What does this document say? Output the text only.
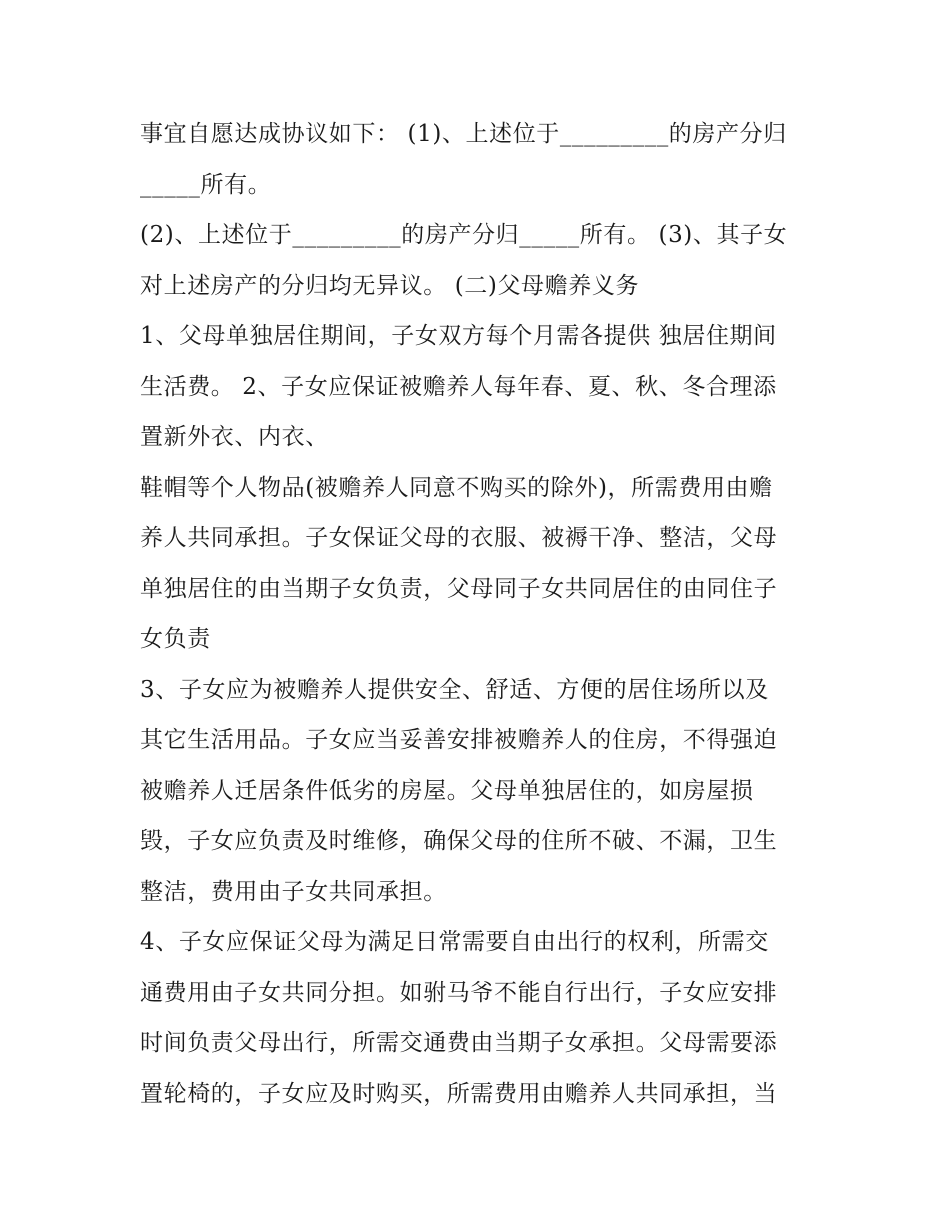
事宜自愿达成协议如下： (1)、上述位于_________的房产分归
_____所有。
(2)、上述位于_________的房产分归_____所有。 (3)、其子女
对上述房产的分归均无异议。 (二)父母赡养义务
1、父母单独居住期间，子女双方每个月需各提供 独居住期间
生活费。 2、子女应保证被赡养人每年春、夏、秋、冬合理添
置新外衣、内衣、
鞋帽等个人物品(被赡养人同意不购买的除外)，所需费用由赡
养人共同承担。子女保证父母的衣服、被褥干净、整洁，父母
单独居住的由当期子女负责，父母同子女共同居住的由同住子
女负责
3、子女应为被赡养人提供安全、舒适、方便的居住场所以及
其它生活用品。子女应当妥善安排被赡养人的住房，不得强迫
被赡养人迁居条件低劣的房屋。父母单独居住的，如房屋损
毁，子女应负责及时维修，确保父母的住所不破、不漏，卫生
整洁，费用由子女共同承担。
4、子女应保证父母为满足日常需要自由出行的权利，所需交
通费用由子女共同分担。如驸马爷不能自行出行，子女应安排
时间负责父母出行，所需交通费由当期子女承担。父母需要添
置轮椅的，子女应及时购买，所需费用由赡养人共同承担，当
